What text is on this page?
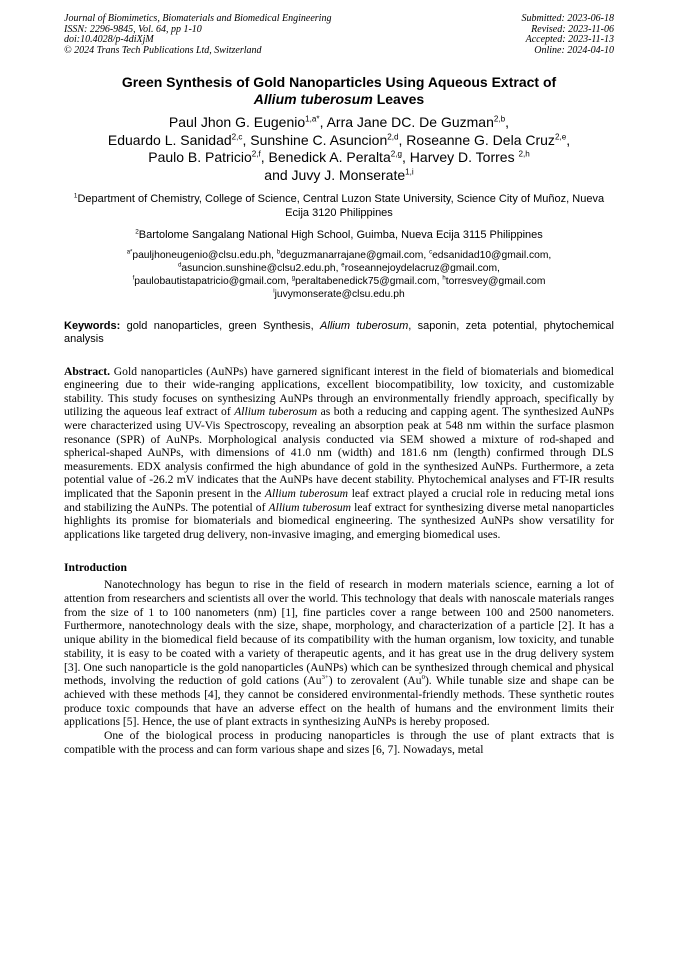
Journal of Biomimetics, Biomaterials and Biomedical Engineering
ISSN: 2296-9845, Vol. 64, pp 1-10
doi:10.4028/p-4diXjM
© 2024 Trans Tech Publications Ltd, Switzerland
Submitted: 2023-06-18
Revised: 2023-11-06
Accepted: 2023-11-13
Online: 2024-04-10
Green Synthesis of Gold Nanoparticles Using Aqueous Extract of
Allium tuberosum Leaves
Paul Jhon G. Eugenio$^{1,a*}$, Arra Jane DC. De Guzman$^{2,b}$,
Eduardo L. Sanidad$^{2,c}$, Sunshine C. Asuncion$^{2,d}$, Roseanne G. Dela Cruz$^{2,e}$,
Paulo B. Patricio$^{2,f}$, Benedick A. Peralta$^{2,g}$, Harvey D. Torres $^{2,h}$
and Juvy J. Monserate$^{1,i}$
$^1$Department of Chemistry, College of Science, Central Luzon State University, Science City of Muñoz, Nueva Ecija 3120 Philippines
$^2$Bartolome Sangalang National High School, Guimba, Nueva Ecija 3115 Philippines
$^{a*}$pauljhoneugenio@clsu.edu.ph, $^b$deguzmanarrajane@gmail.com, $^c$edsanidad10@gmail.com,
$^d$asuncion.sunshine@clsu2.edu.ph, $^e$roseannejoydelacruz@gmail.com,
$^f$paulobautistapatricio@gmail.com, $^g$peraltabenedick75@gmail.com, $^h$torresvey@gmail.com
$^i$juvymonserate@clsu.edu.ph
Keywords: gold nanoparticles, green Synthesis, Allium tuberosum, saponin, zeta potential, phytochemical analysis
Abstract. Gold nanoparticles (AuNPs) have garnered significant interest in the field of biomaterials and biomedical engineering due to their wide-ranging applications, excellent biocompatibility, low toxicity, and customizable stability. This study focuses on synthesizing AuNPs through an environmentally friendly approach, specifically by utilizing the aqueous leaf extract of Allium tuberosum as both a reducing and capping agent. The synthesized AuNPs were characterized using UV-Vis Spectroscopy, revealing an absorption peak at 548 nm within the surface plasmon resonance (SPR) of AuNPs. Morphological analysis conducted via SEM showed a mixture of rod-shaped and spherical-shaped AuNPs, with dimensions of 41.0 nm (width) and 181.6 nm (length) confirmed through DLS measurements. EDX analysis confirmed the high abundance of gold in the synthesized AuNPs. Furthermore, a zeta potential value of -26.2 mV indicates that the AuNPs have decent stability. Phytochemical analyses and FT-IR results implicated that the Saponin present in the Allium tuberosum leaf extract played a crucial role in reducing metal ions and stabilizing the AuNPs. The potential of Allium tuberosum leaf extract for synthesizing diverse metal nanoparticles highlights its promise for biomaterials and biomedical engineering. The synthesized AuNPs show versatility for applications like targeted drug delivery, non-invasive imaging, and emerging biomedical uses.
Introduction

Nanotechnology has begun to rise in the field of research in modern materials science, earning a lot of attention from researchers and scientists all over the world. This technology that deals with nanoscale materials ranges from the size of 1 to 100 nanometers (nm) [1], fine particles cover a range between 100 and 2500 nanometers. Furthermore, nanotechnology deals with the size, shape, morphology, and characterization of a particle [2]. It has a unique ability in the biomedical field because of its compatibility with the human organism, low toxicity, and tunable stability, it is easy to be coated with a variety of therapeutic agents, and it has great use in the drug delivery system [3]. One such nanoparticle is the gold nanoparticles (AuNPs) which can be synthesized through chemical and physical methods, involving the reduction of gold cations $(Au^{3+})$ to zerovalent (Au$^0$). While tunable size and shape can be achieved with these methods [4], they cannot be considered environmental-friendly methods. These synthetic routes produce toxic compounds that have an adverse effect on the health of humans and the environment limits their applications [5]. Hence, the use of plant extracts in synthesizing AuNPs is hereby proposed.

One of the biological process in producing nanoparticles is through the use of plant extracts that is compatible with the process and can form various shape and sizes [6, 7]. Nowadays, metal
